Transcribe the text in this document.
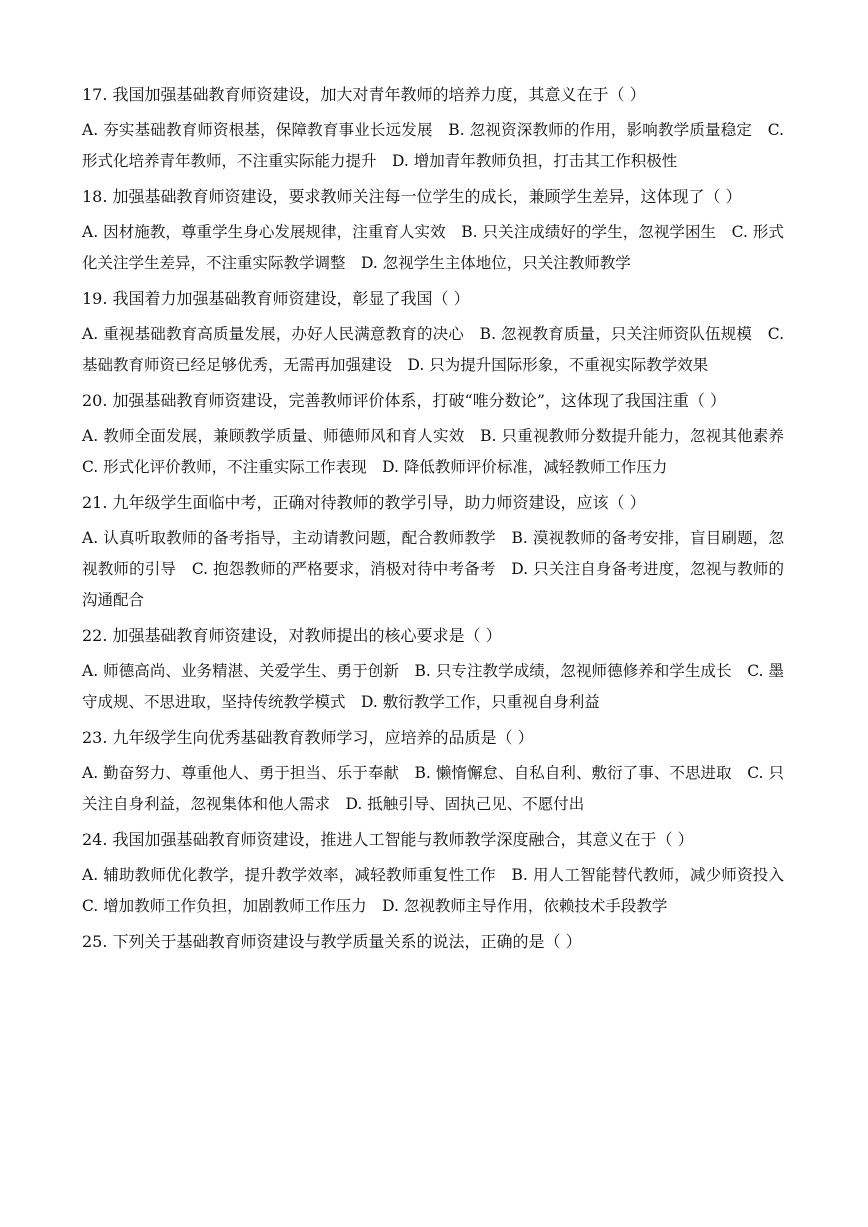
17. 我国加强基础教育师资建设，加大对青年教师的培养力度，其意义在于（ ）

A. 夯实基础教育师资根基，保障教育事业长远发展　B. 忽视资深教师的作用，影响教学质量稳定　C. 形式化培养青年教师，不注重实际能力提升　D. 增加青年教师负担，打击其工作积极性

18. 加强基础教育师资建设，要求教师关注每一位学生的成长，兼顾学生差异，这体现了（ ）

A. 因材施教，尊重学生身心发展规律，注重育人实效　B. 只关注成绩好的学生，忽视学困生　C. 形式化关注学生差异，不注重实际教学调整　D. 忽视学生主体地位，只关注教师教学

19. 我国着力加强基础教育师资建设，彰显了我国（ ）

A. 重视基础教育高质量发展，办好人民满意教育的决心　B. 忽视教育质量，只关注师资队伍规模　C. 基础教育师资已经足够优秀，无需再加强建设　D. 只为提升国际形象，不重视实际教学效果

20. 加强基础教育师资建设，完善教师评价体系，打破“唯分数论”，这体现了我国注重（ ）

A. 教师全面发展，兼顾教学质量、师德师风和育人实效　B. 只重视教师分数提升能力，忽视其他素养　C. 形式化评价教师，不注重实际工作表现　D. 降低教师评价标准，减轻教师工作压力

21. 九年级学生面临中考，正确对待教师的教学引导，助力师资建设，应该（ ）

A. 认真听取教师的备考指导，主动请教问题，配合教师教学　B. 漠视教师的备考安排，盲目刷题，忽视教师的引导　C. 抱怨教师的严格要求，消极对待中考备考　D. 只关注自身备考进度，忽视与教师的沟通配合

22. 加强基础教育师资建设，对教师提出的核心要求是（ ）

A. 师德高尚、业务精湛、关爱学生、勇于创新　B. 只专注教学成绩，忽视师德修养和学生成长　C. 墨守成规、不思进取，坚持传统教学模式　D. 敷衍教学工作，只重视自身利益

23. 九年级学生向优秀基础教育教师学习，应培养的品质是（ ）

A. 勤奋努力、尊重他人、勇于担当、乐于奉献　B. 懒惰懈怠、自私自利、敷衍了事、不思进取　C. 只关注自身利益，忽视集体和他人需求　D. 抵触引导、固执己见、不愿付出

24. 我国加强基础教育师资建设，推进人工智能与教师教学深度融合，其意义在于（ ）

A. 辅助教师优化教学，提升教学效率，减轻教师重复性工作　B. 用人工智能替代教师，减少师资投入　C. 增加教师工作负担，加剧教师工作压力　D. 忽视教师主导作用，依赖技术手段教学

25. 下列关于基础教育师资建设与教学质量关系的说法，正确的是（ ）
